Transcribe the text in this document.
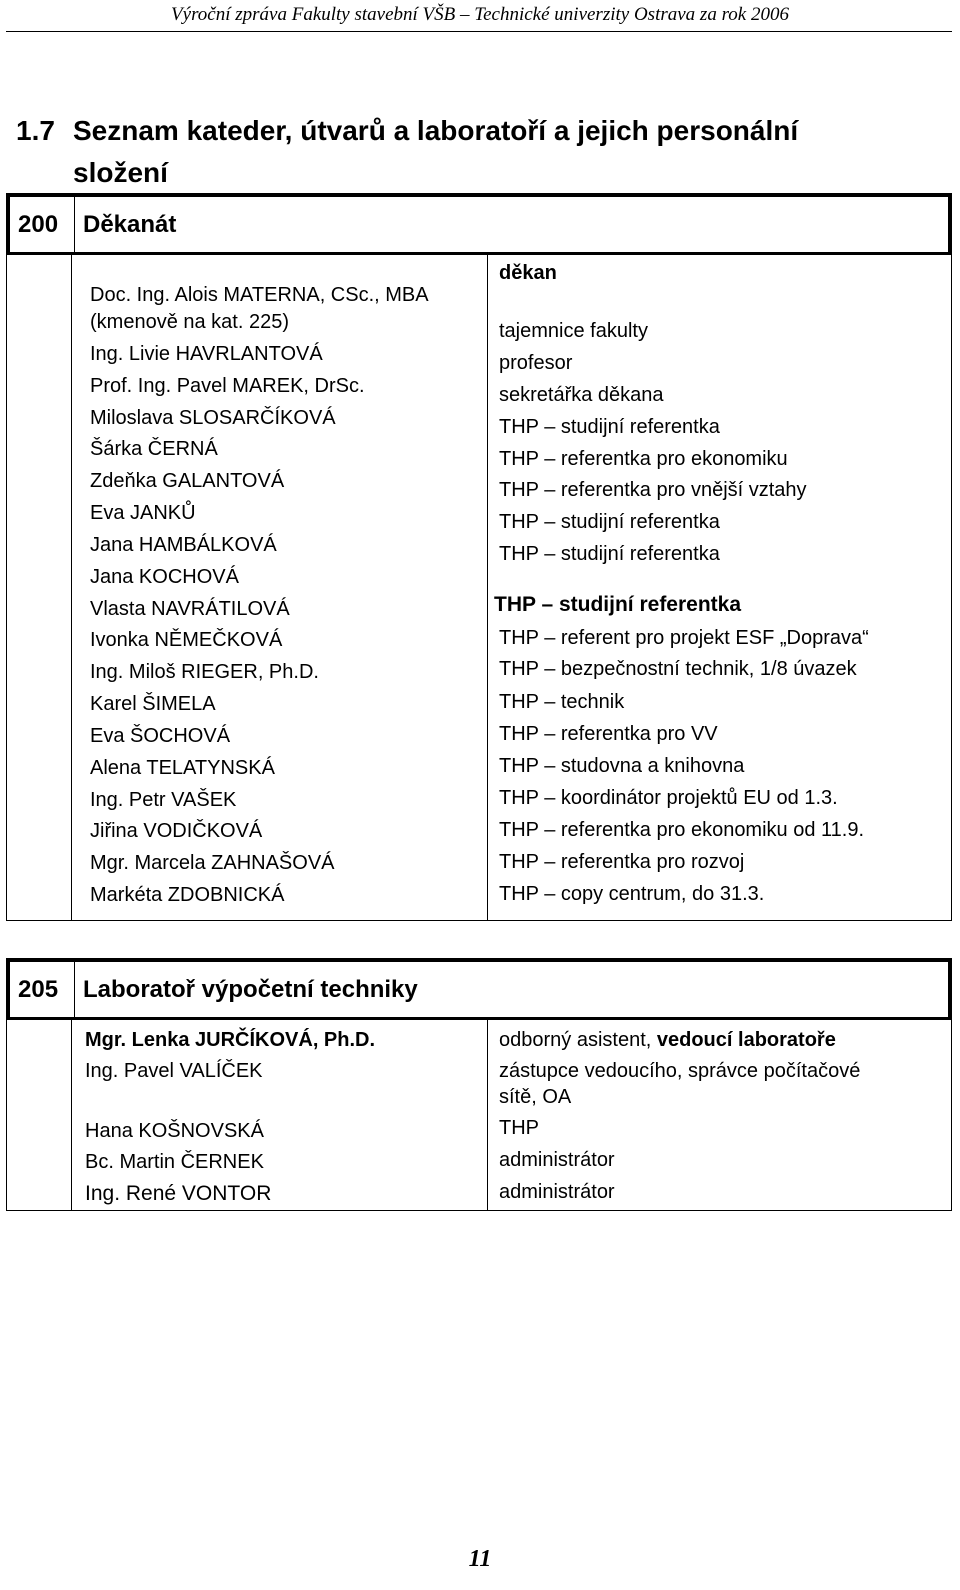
Výroční zpráva Fakulty stavební VŠB – Technické univerzity Ostrava za rok 2006
1.7 Seznam kateder, útvarů a laboratoří a jejich personální
složení
200	Děkanát
Doc. Ing. Alois MATERNA, CSc., MBA
(kmenově na kat. 225)
Ing. Livie HAVRLANTOVÁ
Prof. Ing. Pavel MAREK, DrSc.
Miloslava SLOSARČÍKOVÁ
Šárka ČERNÁ
Zdeňka GALANTOVÁ
Eva JANKŮ
Jana HAMBÁLKOVÁ
Jana KOCHOVÁ
Vlasta NAVRÁTILOVÁ
Ivonka NĚMEČKOVÁ
Ing. Miloš RIEGER, Ph.D.
Karel ŠIMELA
Eva ŠOCHOVÁ
Alena TELATYNSKÁ
Ing. Petr VAŠEK
Jiřina VODIČKOVÁ
Mgr. Marcela ZAHNAŠOVÁ
Markéta ZDOBNICKÁ
děkan
tajemnice fakulty
profesor
sekretářka děkana
THP – studijní referentka
THP – referentka pro ekonomiku
THP – referentka pro vnější vztahy
THP – studijní referentka
THP – studijní referentka
THP – studijní referentka
THP – referent pro projekt ESF „Doprava“
THP – bezpečnostní technik, 1/8 úvazek
THP – technik
THP – referentka pro VV
THP – studovna a knihovna
THP – koordinátor projektů EU od 1.3.
THP – referentka pro ekonomiku od 11.9.
THP – referentka pro rozvoj
THP – copy centrum, do 31.3.
205	Laboratoř výpočetní techniky
Mgr. Lenka JURČÍKOVÁ, Ph.D.
Ing. Pavel VALÍČEK
Hana KOŠNOVSKÁ
Bc. Martin ČERNEK
Ing. René VONTOR
odborný asistent, vedoucí laboratoře
zástupce vedoucího, správce počítačové
sítě, OA
THP
administrátor
administrátor
11
